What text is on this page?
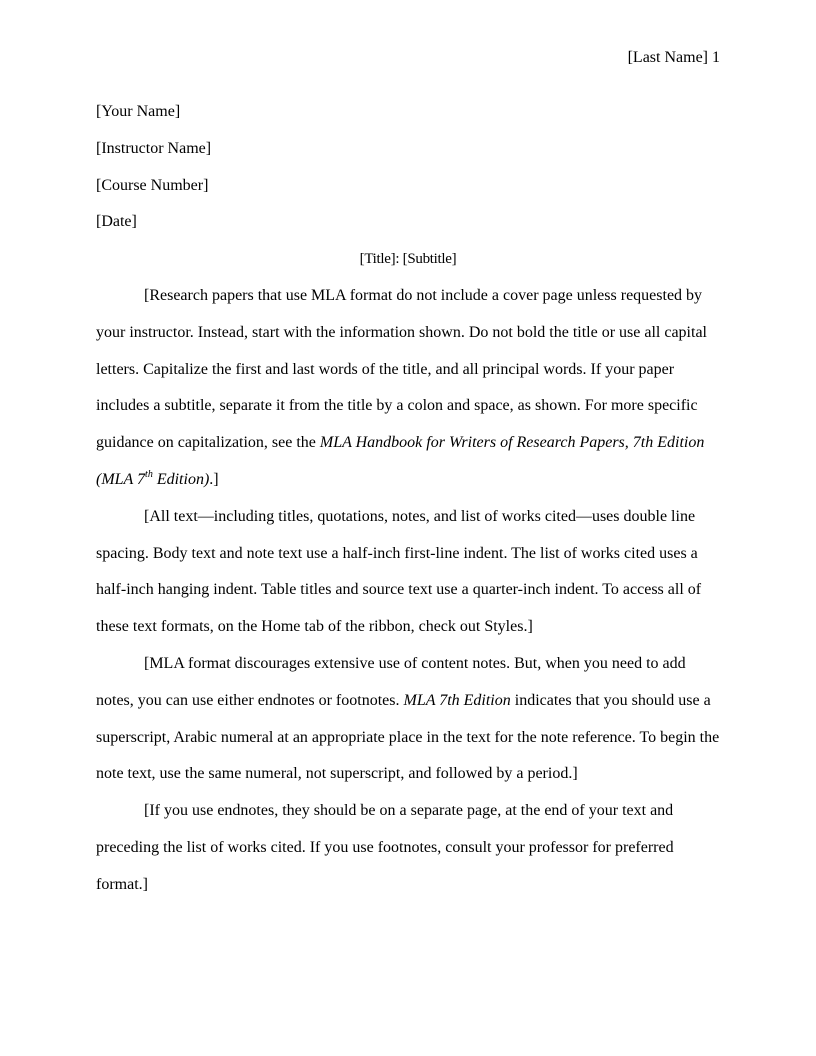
[Last Name] 1

[Your Name]

[Instructor Name]

[Course Number]

[Date]

[Title]: [Subtitle]

[Research papers that use MLA format do not include a cover page unless requested by your instructor. Instead, start with the information shown. Do not bold the title or use all capital letters. Capitalize the first and last words of the title, and all principal words. If your paper includes a subtitle, separate it from the title by a colon and space, as shown. For more specific guidance on capitalization, see the MLA Handbook for Writers of Research Papers, 7th Edition (MLA 7th Edition).]

[All text—including titles, quotations, notes, and list of works cited—uses double line spacing. Body text and note text use a half-inch first-line indent. The list of works cited uses a half-inch hanging indent. Table titles and source text use a quarter-inch indent. To access all of these text formats, on the Home tab of the ribbon, check out Styles.]

[MLA format discourages extensive use of content notes. But, when you need to add notes, you can use either endnotes or footnotes. MLA 7th Edition indicates that you should use a superscript, Arabic numeral at an appropriate place in the text for the note reference. To begin the note text, use the same numeral, not superscript, and followed by a period.]

[If you use endnotes, they should be on a separate page, at the end of your text and preceding the list of works cited. If you use footnotes, consult your professor for preferred format.]
